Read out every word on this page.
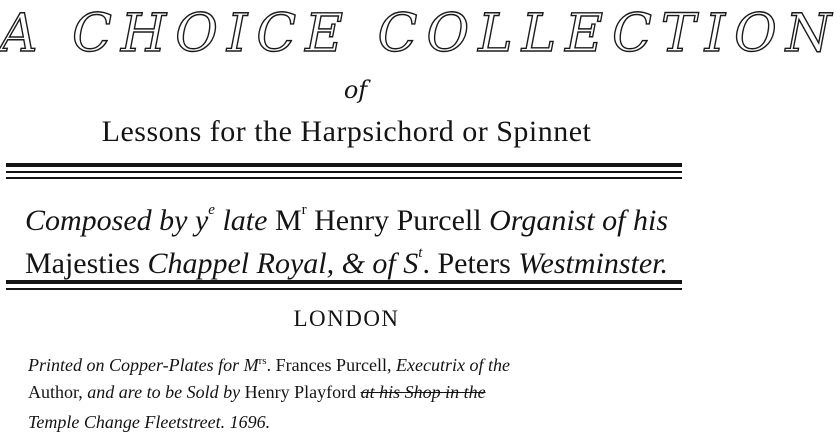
A CHOICE COLLECTION
of
Lessons for the Harpsichord or Spinnet
Composed by $y^e$ late $M^r$ Henry Purcell Organist of his
Majesties Chappel Royal, & of $S^t$. Peters Westminster.
LONDON
Printed on Copper-Plates for $M^{rs}$. Frances Purcell, Executrix of the
Author, and are to be Sold by Henry Playford at his Shop in the
Temple Change Fleetstreet. 1696.
